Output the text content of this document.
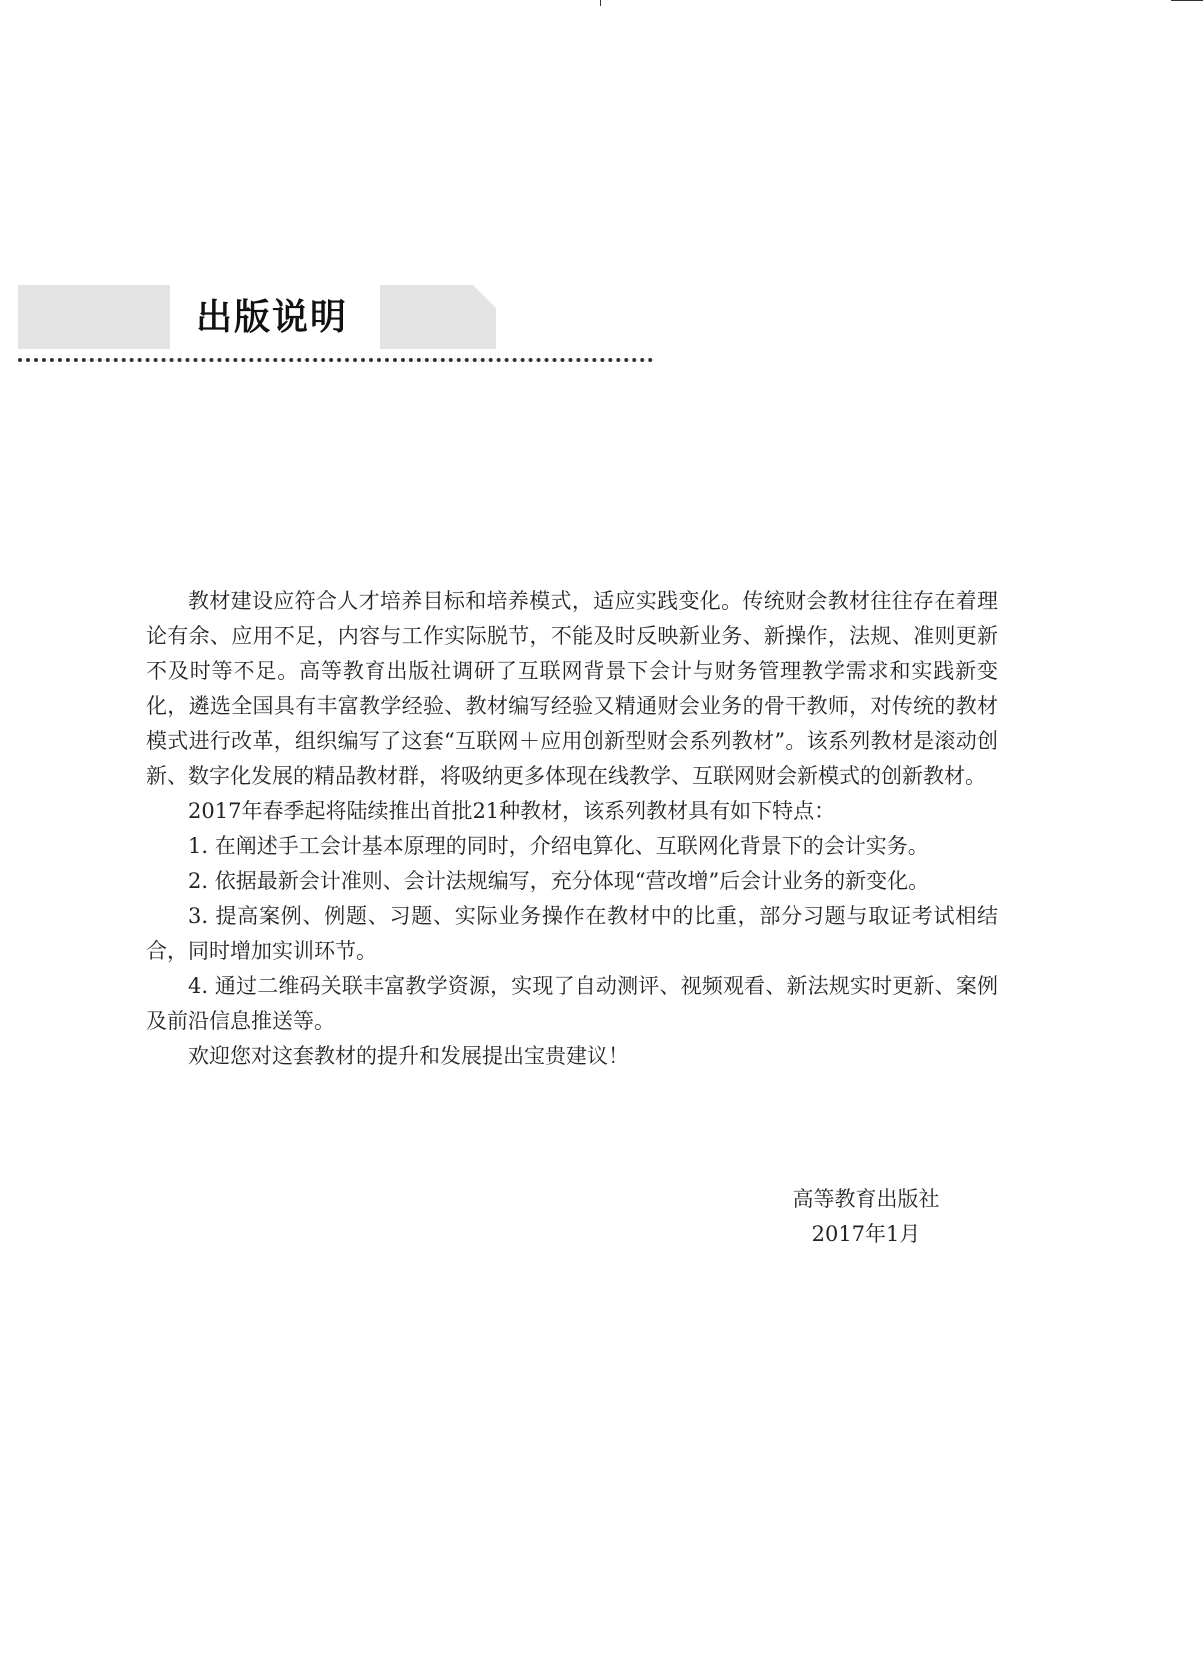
出版说明

教材建设应符合人才培养目标和培养模式，适应实践变化。传统财会教材往往存在着理论有余、应用不足，内容与工作实际脱节，不能及时反映新业务、新操作，法规、准则更新不及时等不足。高等教育出版社调研了互联网背景下会计与财务管理教学需求和实践新变化，遴选全国具有丰富教学经验、教材编写经验又精通财会业务的骨干教师，对传统的教材模式进行改革，组织编写了这套“互联网＋应用创新型财会系列教材”。该系列教材是滚动创新、数字化发展的精品教材群，将吸纳更多体现在线教学、互联网财会新模式的创新教材。

2017年春季起将陆续推出首批21种教材，该系列教材具有如下特点：

1. 在阐述手工会计基本原理的同时，介绍电算化、互联网化背景下的会计实务。

2. 依据最新会计准则、会计法规编写，充分体现“营改增”后会计业务的新变化。

3. 提高案例、例题、习题、实际业务操作在教材中的比重，部分习题与取证考试相结合，同时增加实训环节。

4. 通过二维码关联丰富教学资源，实现了自动测评、视频观看、新法规实时更新、案例及前沿信息推送等。

欢迎您对这套教材的提升和发展提出宝贵建议！

高等教育出版社
2017年1月
